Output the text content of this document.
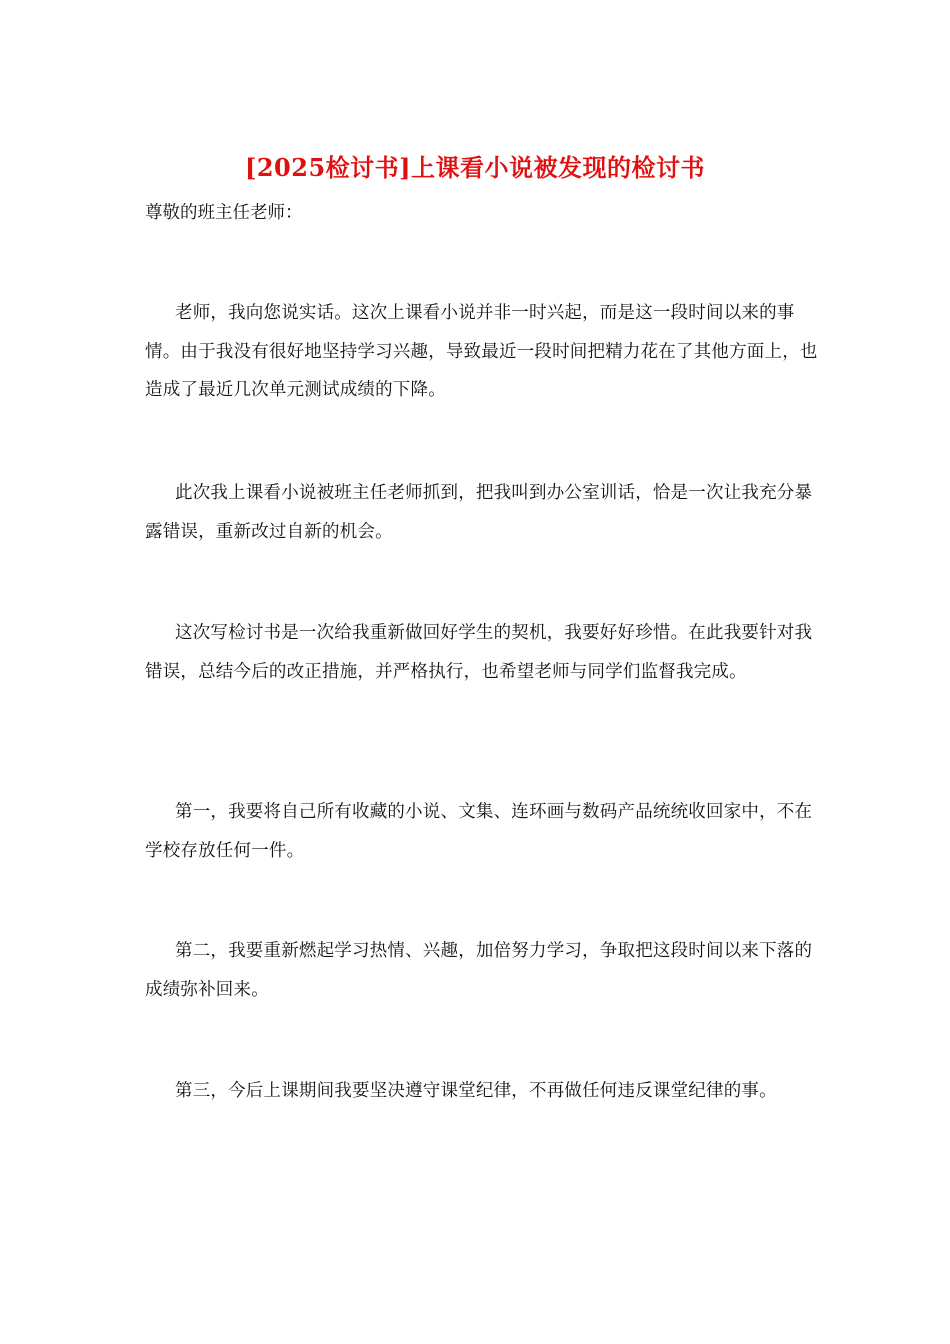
[2025检讨书]上课看小说被发现的检讨书
尊敬的班主任老师：

老师，我向您说实话。这次上课看小说并非一时兴起，而是这一段时间以来的事情。由于我没有很好地坚持学习兴趣，导致最近一段时间把精力花在了其他方面上，也造成了最近几次单元测试成绩的下降。

此次我上课看小说被班主任老师抓到，把我叫到办公室训话，恰是一次让我充分暴露错误，重新改过自新的机会。

这次写检讨书是一次给我重新做回好学生的契机，我要好好珍惜。在此我要针对我错误，总结今后的改正措施，并严格执行，也希望老师与同学们监督我完成。

第一，我要将自己所有收藏的小说、文集、连环画与数码产品统统收回家中，不在学校存放任何一件。

第二，我要重新燃起学习热情、兴趣，加倍努力学习，争取把这段时间以来下落的成绩弥补回来。

第三，今后上课期间我要坚决遵守课堂纪律，不再做任何违反课堂纪律的事。
